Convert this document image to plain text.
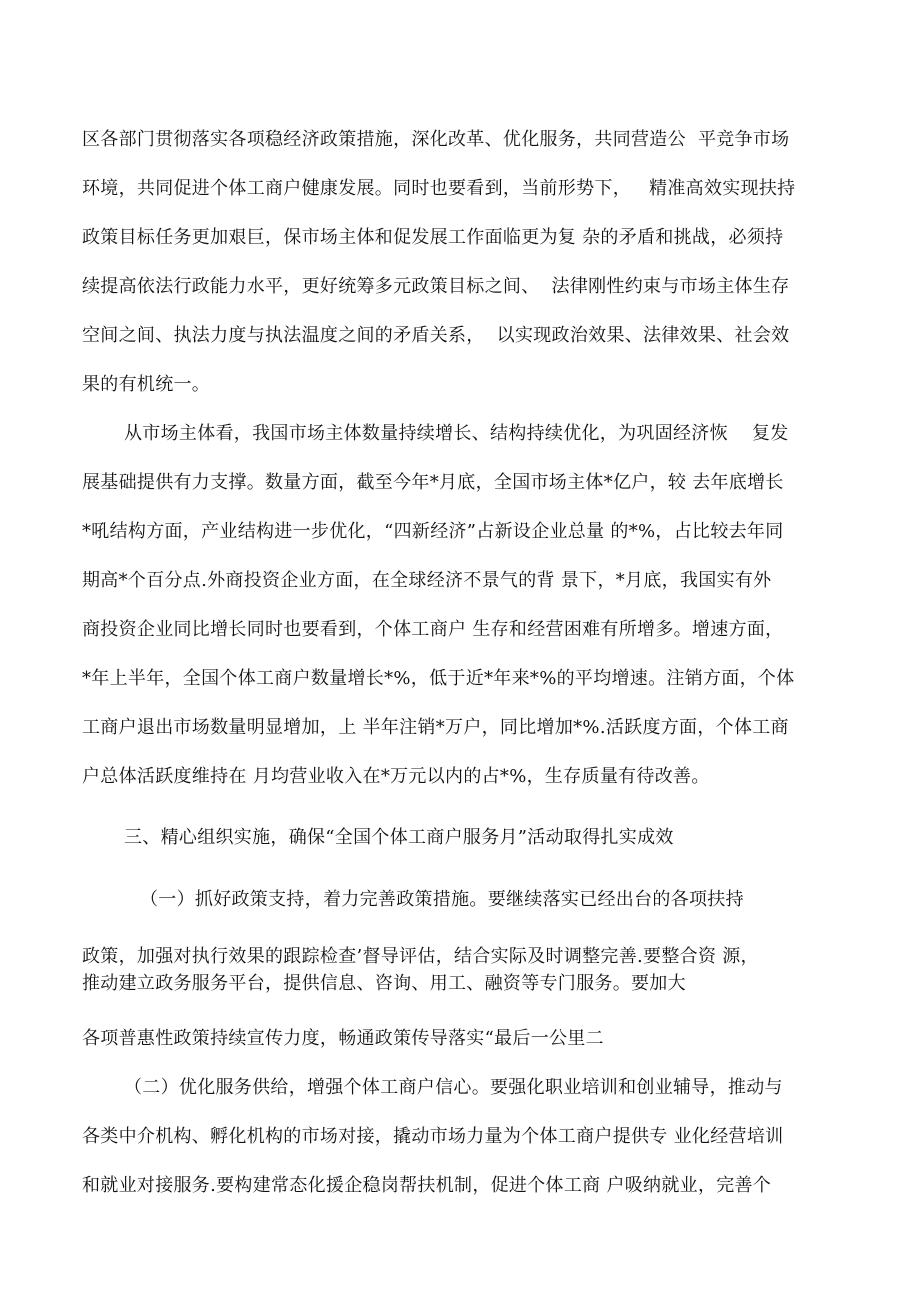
区各部门贯彻落实各项稳经济政策措施，深化改革、优化服务，共同营造公  平竞争市场
环境，共同促进个体工商户健康发展。同时也要看到，当前形势下，   精准高效实现扶持
政策目标任务更加艰巨，保市场主体和促发展工作面临更为复 杂的矛盾和挑战，必须持
续提高依法行政能力水平，更好统筹多元政策目标之间、  法律刚性约束与市场主体生存
空间之间、执法力度与执法温度之间的矛盾关系，  以实现政治效果、法律效果、社会效
果的有机统一。
从市场主体看，我国市场主体数量持续增长、结构持续优化，为巩固经济恢    复发
展基础提供有力支撑。数量方面，截至今年*月底，全国市场主体*亿户，较 去年底增长
*吼结构方面，产业结构进一步优化，“四新经济”占新设企业总量 的*%，占比较去年同
期高*个百分点.外商投资企业方面，在全球经济不景气的背 景下，*月底，我国实有外
商投资企业同比增长同时也要看到，个体工商户 生存和经营困难有所增多。增速方面，
*年上半年，全国个体工商户数量增长*%，低于近*年来*%的平均增速。注销方面，个体
工商户退出市场数量明显增加，上 半年注销*万户，同比增加*%.活跃度方面，个体工商
户总体活跃度维持在 月均营业收入在*万元以内的占*%，生存质量有待改善。
三、精心组织实施，确保“全国个体工商户服务月”活动取得扎实成效
（一）抓好政策支持，着力完善政策措施。要继续落实已经出台的各项扶持
政策，加强对执行效果的跟踪检查’督导评估，结合实际及时调整完善.要整合资 源，
推动建立政务服务平台，提供信息、咨询、用工、融资等专门服务。要加大
各项普惠性政策持续宣传力度，畅通政策传导落实“最后一公里二
（二）优化服务供给，增强个体工商户信心。要强化职业培训和创业辅导，推动与
各类中介机构、孵化机构的市场对接，撬动市场力量为个体工商户提供专 业化经营培训
和就业对接服务.要构建常态化援企稳岗帮扶机制，促进个体工商 户吸纳就业，完善个
